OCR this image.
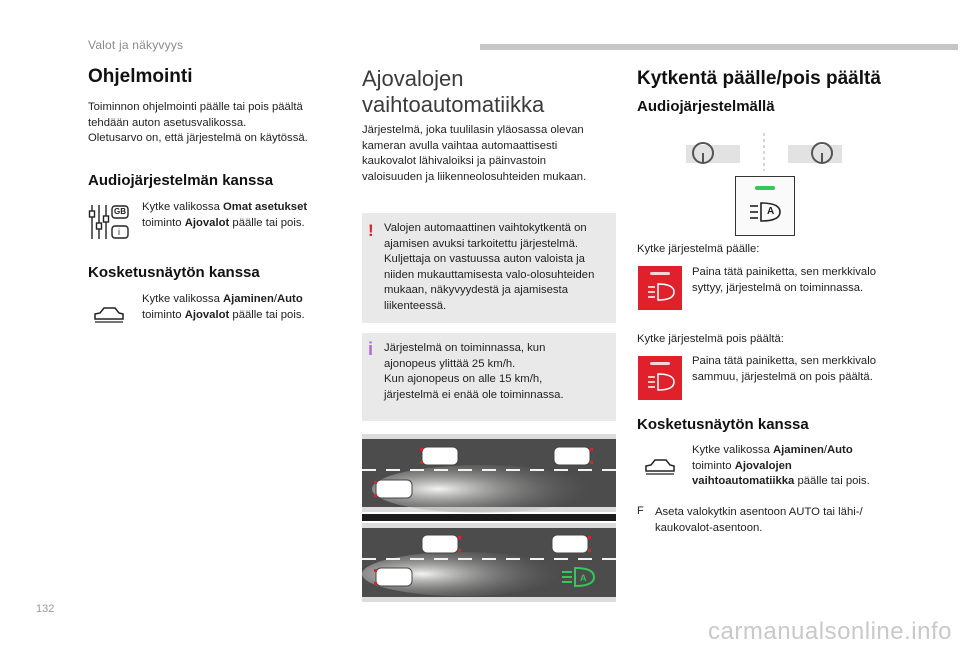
Valot ja näkyvyys
Ohjelmointi

Toiminnon ohjelmointi päälle tai pois päältä

tehdään auton asetusvalikossa.

Oletusarvo on, että järjestelmä on käytössä.

Audiojärjestelmän kanssa
GB
i

Kytke valikossa Omat asetukset

toiminto Ajovalot päälle tai pois.

Kosketusnäytön kanssa

Kytke valikossa Ajaminen/Auto

toiminto Ajovalot päälle tai pois.

Ajovalojen
vaihtoautomatiikka

Järjestelmä, joka tuulilasin yläosassa olevan

kameran avulla vaihtaa automaattisesti

kaukovalot lähivaloiksi ja päinvastoin

valoisuuden ja liikenneolosuhteiden mukaan.

! Valojen automaattinen vaihtokytkentä on
ajamisen avuksi tarkoitettu järjestelmä.
Kuljettaja on vastuussa auton valoista ja
niiden mukauttamisesta valo-olosuhteiden
mukaan, näkyvyydestä ja ajamisesta
liikenteessä.
i Järjestelmä on toiminnassa, kun
ajonopeus ylittää 25 km/h.
Kun ajonopeus on alle 15 km/h,
järjestelmä ei enää ole toiminnassa.
A
Kytkentä päälle/pois päältä
Audiojärjestelmällä
A

Kytke järjestelmä päälle:

Paina tätä painiketta, sen merkkivalo

syttyy, järjestelmä on toiminnassa.

Kytke järjestelmä pois päältä:

Paina tätä painiketta, sen merkkivalo

sammuu, järjestelmä on pois päältä.

Kosketusnäytön kanssa

Kytke valikossa Ajaminen/Auto

toiminto Ajovalojen

vaihtoautomatiikka päälle tai pois.

F Aseta valokytkin asentoon AUTO tai lähi-/

kaukovalot-asentoon.

132
carmanualsonline.info
